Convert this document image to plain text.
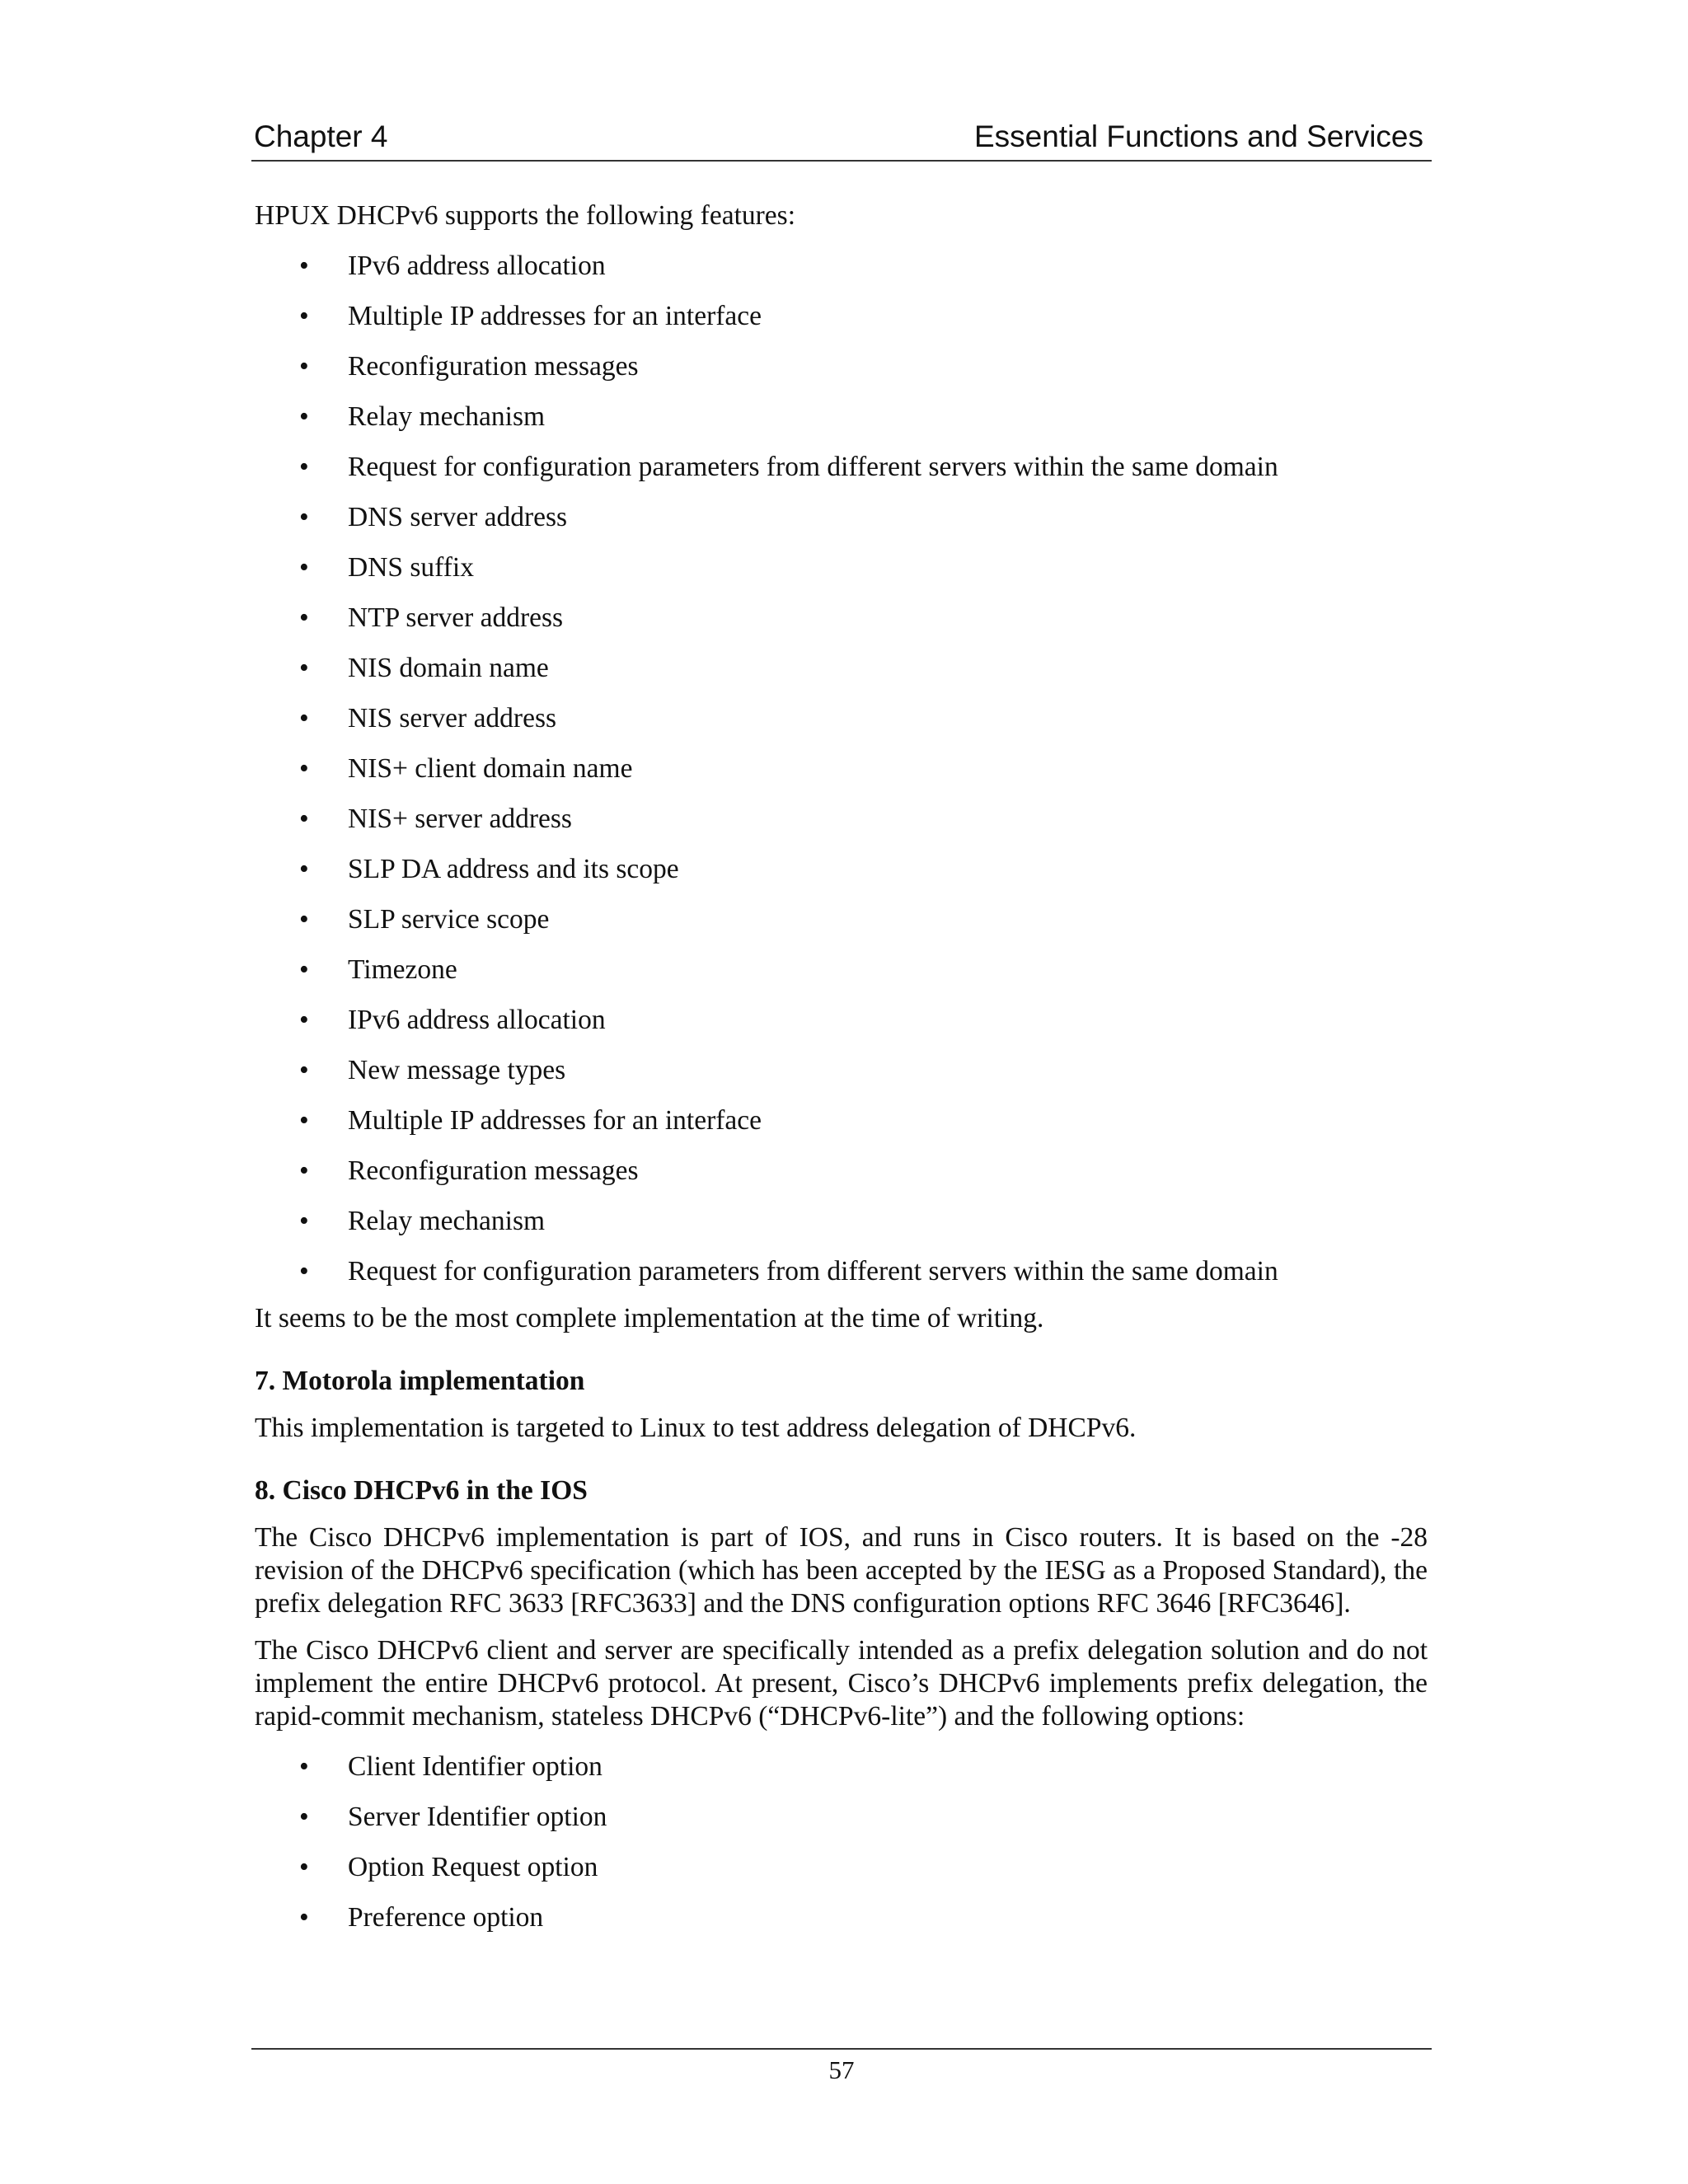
Chapter 4	Essential Functions and Services

HPUX DHCPv6 supports the following features:

• IPv6 address allocation
• Multiple IP addresses for an interface
• Reconfiguration messages
• Relay mechanism
• Request for configuration parameters from different servers within the same domain
• DNS server address
• DNS suffix
• NTP server address
• NIS domain name
• NIS server address
• NIS+ client domain name
• NIS+ server address
• SLP DA address and its scope
• SLP service scope
• Timezone
• IPv6 address allocation
• New message types
• Multiple IP addresses for an interface
• Reconfiguration messages
• Relay mechanism
• Request for configuration parameters from different servers within the same domain

It seems to be the most complete implementation at the time of writing.

7. Motorola implementation

This implementation is targeted to Linux to test address delegation of DHCPv6.

8. Cisco DHCPv6 in the IOS

The Cisco DHCPv6 implementation is part of IOS, and runs in Cisco routers. It is based on the -28 revision of the DHCPv6 specification (which has been accepted by the IESG as a Proposed Standard), the prefix delegation RFC 3633 [RFC3633] and the DNS configuration options RFC 3646 [RFC3646].

The Cisco DHCPv6 client and server are specifically intended as a prefix delegation solution and do not implement the entire DHCPv6 protocol. At present, Cisco’s DHCPv6 implements prefix delegation, the rapid-commit mechanism, stateless DHCPv6 (“DHCPv6-lite”) and the following options:

• Client Identifier option
• Server Identifier option
• Option Request option
• Preference option
57
